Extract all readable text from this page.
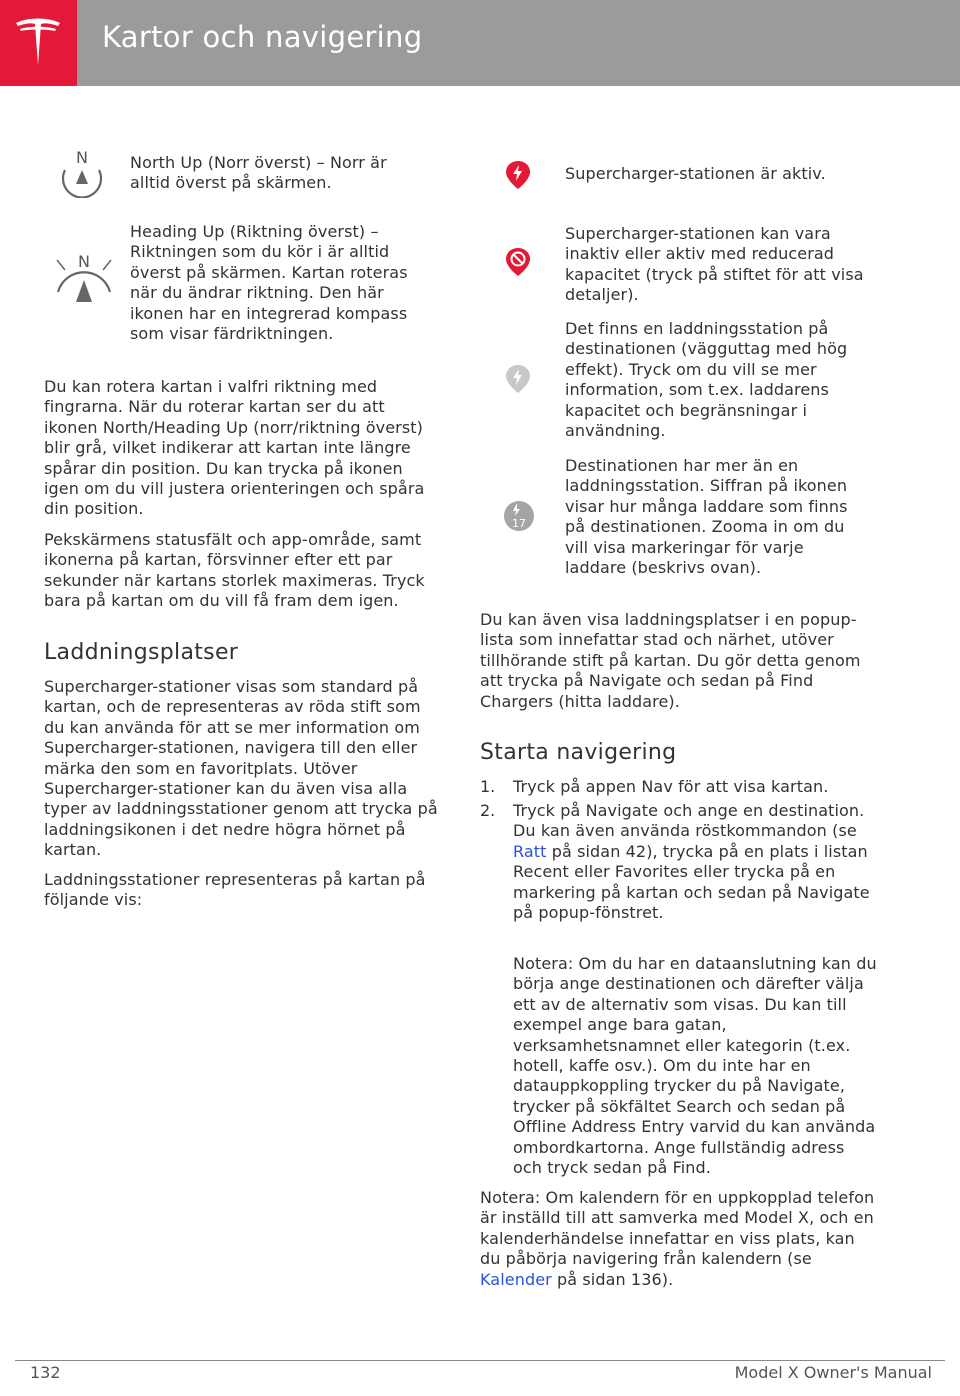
Kartor och navigering
N	North Up (Norr överst) – Norr är alltid överst på skärmen.
N
Heading Up (Riktning överst) – Riktningen som du kör i är alltid överst på skärmen. Kartan roteras när du ändrar riktning. Den här ikonen har en integrerad kompass som visar färdriktningen.

Du kan rotera kartan i valfri riktning med fingrarna. När du roterar kartan ser du att ikonen North/Heading Up (norr/riktning överst) blir grå, vilket indikerar att kartan inte längre spårar din position. Du kan trycka på ikonen igen om du vill justera orienteringen och spåra din position.

Pekskärmens statusfält och app-område, samt ikonerna på kartan, försvinner efter ett par sekunder när kartans storlek maximeras. Tryck bara på kartan om du vill få fram dem igen.

Laddningsplatser

Supercharger-stationer visas som standard på kartan, och de representeras av röda stift som du kan använda för att se mer information om Supercharger-stationen, navigera till den eller märka den som en favoritplats. Utöver Supercharger-stationer kan du även visa alla typer av laddningsstationer genom att trycka på laddningsikonen i det nedre högra hörnet på kartan.

Laddningsstationer representeras på kartan på följande vis:

Supercharger-stationen är aktiv.
Supercharger-stationen kan vara inaktiv eller aktiv med reducerad kapacitet (tryck på stiftet för att visa detaljer).
Det finns en laddningsstation på destinationen (vägguttag med hög effekt). Tryck om du vill se mer information, som t.ex. laddarens kapacitet och begränsningar i användning.
17
Destinationen har mer än en laddningsstation. Siffran på ikonen visar hur många laddare som finns på destinationen. Zooma in om du vill visa markeringar för varje laddare (beskrivs ovan).

Du kan även visa laddningsplatser i en popup-lista som innefattar stad och närhet, utöver tillhörande stift på kartan. Du gör detta genom att trycka på Navigate och sedan på Find Chargers (hitta laddare).

Starta navigering
1. Tryck på appen Nav för att visa kartan.

2. Tryck på Navigate och ange en destination. Du kan även använda röstkommandon (se Ratt på sidan 42), trycka på en plats i listan Recent eller Favorites eller trycka på en markering på kartan och sedan på Navigate på popup-fönstret.

Notera: Om du har en dataanslutning kan du börja ange destinationen och därefter välja ett av de alternativ som visas. Du kan till exempel ange bara gatan, verksamhetsnamnet eller kategorin (t.ex. hotell, kaffe osv.). Om du inte har en datauppkoppling trycker du på Navigate, trycker på sökfältet Search och sedan på Offline Address Entry varvid du kan använda ombordkartorna. Ange fullständig adress och tryck sedan på Find.

Notera: Om kalendern för en uppkopplad telefon är inställd till att samverka med Model X, och en kalenderhändelse innefattar en viss plats, kan du påbörja navigering från kalendern (se Kalender på sidan 136).

132	Model X Owner's Manual
